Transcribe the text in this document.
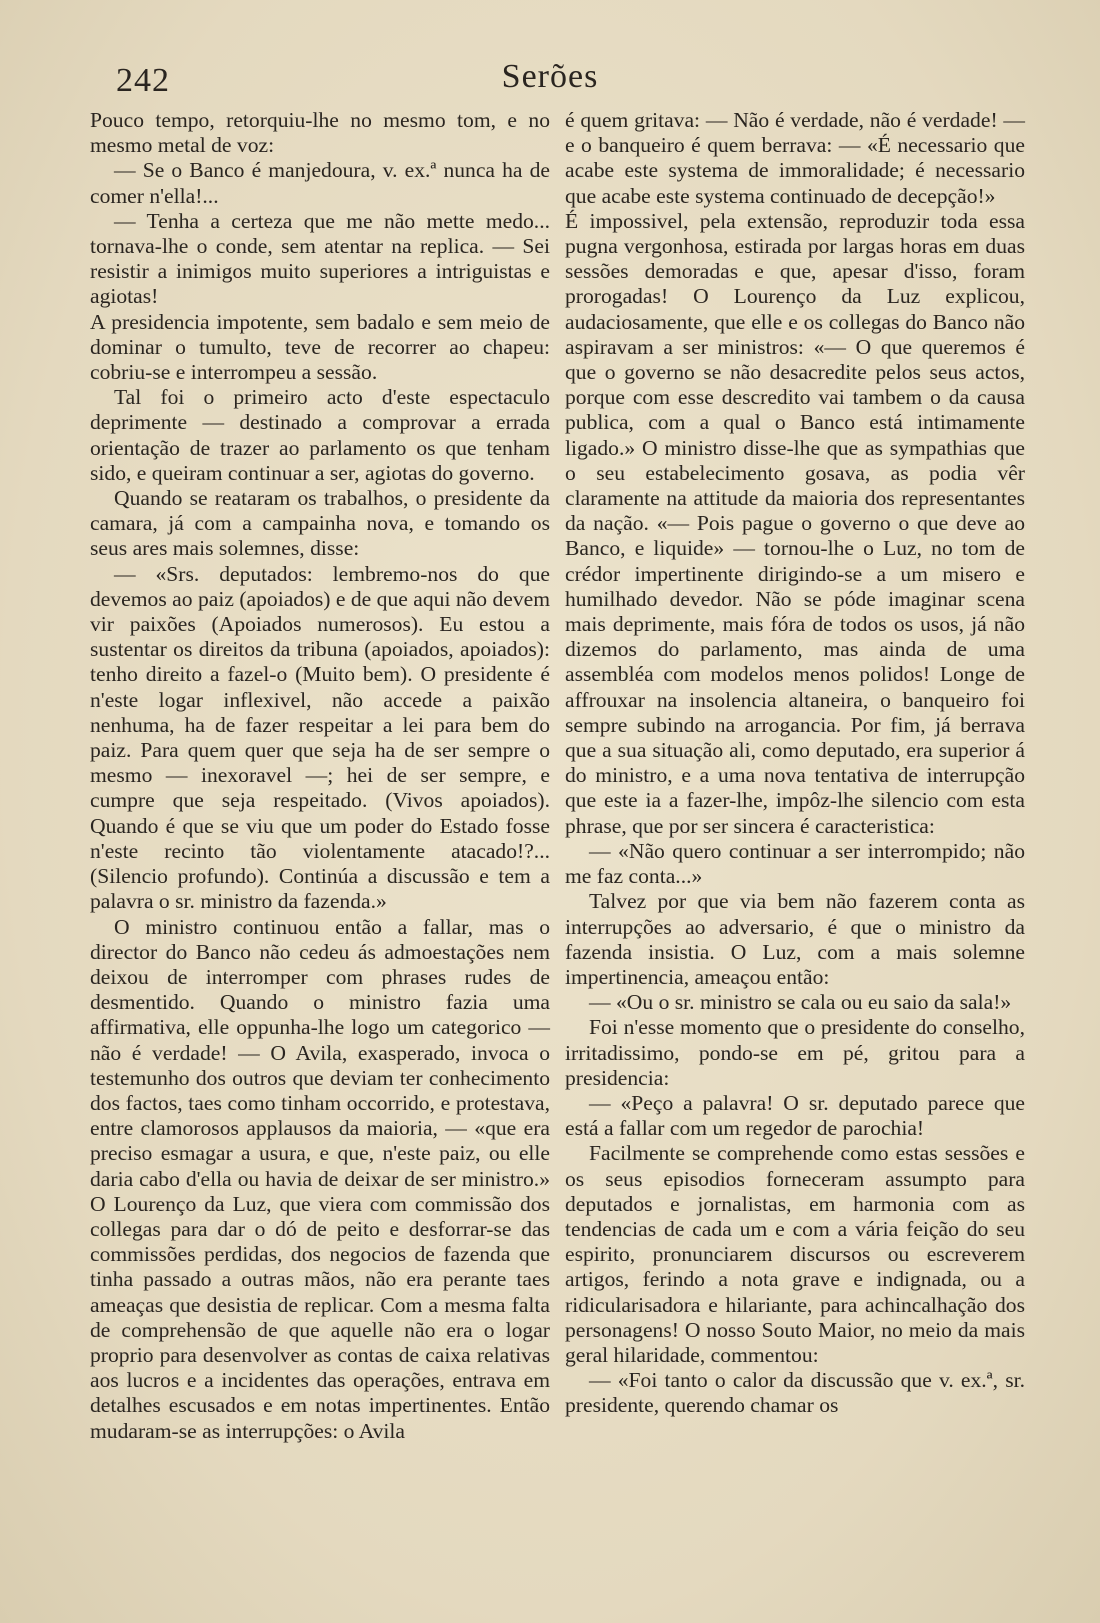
242	Serões

Pouco tempo, retorquiu-lhe no mesmo tom, e no mesmo metal de voz:

— Se o Banco é manjedoura, v. ex.ª nunca ha de comer n'ella!...

— Tenha a certeza que me não mette medo... tornava-lhe o conde, sem atentar na replica. — Sei resistir a inimigos muito superiores a intriguistas e agiotas!

A presidencia impotente, sem badalo e sem meio de dominar o tumulto, teve de recorrer ao chapeu: cobriu-se e interrompeu a sessão.

Tal foi o primeiro acto d'este espectaculo deprimente — destinado a comprovar a errada orientação de trazer ao parlamento os que tenham sido, e queiram continuar a ser, agiotas do governo.

Quando se reataram os trabalhos, o presidente da camara, já com a campainha nova, e tomando os seus ares mais solemnes, disse:

— «Srs. deputados: lembremo-nos do que devemos ao paiz (apoiados) e de que aqui não devem vir paixões (Apoiados numerosos). Eu estou a sustentar os direitos da tribuna (apoiados, apoiados): tenho direito a fazel-o (Muito bem). O presidente é n'este logar inflexivel, não accede a paixão nenhuma, ha de fazer respeitar a lei para bem do paiz. Para quem quer que seja ha de ser sempre o mesmo — inexoravel —; hei de ser sempre, e cumpre que seja respeitado. (Vivos apoiados). Quando é que se viu que um poder do Estado fosse n'este recinto tão violentamente atacado!?... (Silencio profundo). Continúa a discussão e tem a palavra o sr. ministro da fazenda.»

O ministro continuou então a fallar, mas o director do Banco não cedeu ás admoestações nem deixou de interromper com phrases rudes de desmentido. Quando o ministro fazia uma affirmativa, elle oppunha-lhe logo um categorico — não é verdade! — O Avila, exasperado, invoca o testemunho dos outros que deviam ter conhecimento dos factos, taes como tinham occorrido, e protestava, entre clamorosos applausos da maioria, — «que era preciso esmagar a usura, e que, n'este paiz, ou elle daria cabo d'ella ou havia de deixar de ser ministro.» O Lourenço da Luz, que viera com commissão dos collegas para dar o dó de peito e desforrar-se das commissões perdidas, dos negocios de fazenda que tinha passado a outras mãos, não era perante taes ameaças que desistia de replicar. Com a mesma falta de comprehensão de que aquelle não era o logar proprio para desenvolver as contas de caixa relativas aos lucros e a incidentes das operações, entrava em detalhes escusados e em notas impertinentes. Então mudaram-se as interrupções: o Avila

é quem gritava: — Não é verdade, não é verdade! — e o banqueiro é quem berrava: — «É necessario que acabe este systema de immoralidade; é necessario que acabe este systema continuado de decepção!»

É impossivel, pela extensão, reproduzir toda essa pugna vergonhosa, estirada por largas horas em duas sessões demoradas e que, apesar d'isso, foram prorogadas! O Lourenço da Luz explicou, audaciosamente, que elle e os collegas do Banco não aspiravam a ser ministros: «— O que queremos é que o governo se não desacredite pelos seus actos, porque com esse descredito vai tambem o da causa publica, com a qual o Banco está intimamente ligado.» O ministro disse-lhe que as sympathias que o seu estabelecimento gosava, as podia vêr claramente na attitude da maioria dos representantes da nação. «— Pois pague o governo o que deve ao Banco, e liquide» — tornou-lhe o Luz, no tom de crédor impertinente dirigindo-se a um misero e humilhado devedor. Não se póde imaginar scena mais deprimente, mais fóra de todos os usos, já não dizemos do parlamento, mas ainda de uma assembléa com modelos menos polidos! Longe de affrouxar na insolencia altaneira, o banqueiro foi sempre subindo na arrogancia. Por fim, já berrava que a sua situação ali, como deputado, era superior á do ministro, e a uma nova tentativa de interrupção que este ia a fazer-lhe, impôz-lhe silencio com esta phrase, que por ser sincera é caracteristica:

— «Não quero continuar a ser interrompido; não me faz conta...»

Talvez por que via bem não fazerem conta as interrupções ao adversario, é que o ministro da fazenda insistia. O Luz, com a mais solemne impertinencia, ameaçou então:

— «Ou o sr. ministro se cala ou eu saio da sala!»

Foi n'esse momento que o presidente do conselho, irritadissimo, pondo-se em pé, gritou para a presidencia:

— «Peço a palavra! O sr. deputado parece que está a fallar com um regedor de parochia!

Facilmente se comprehende como estas sessões e os seus episodios forneceram assumpto para deputados e jornalistas, em harmonia com as tendencias de cada um e com a vária feição do seu espirito, pronunciarem discursos ou escreverem artigos, ferindo a nota grave e indignada, ou a ridicularisadora e hilariante, para achincalhação dos personagens! O nosso Souto Maior, no meio da mais geral hilaridade, commentou:

— «Foi tanto o calor da discussão que v. ex.ª, sr. presidente, querendo chamar os
